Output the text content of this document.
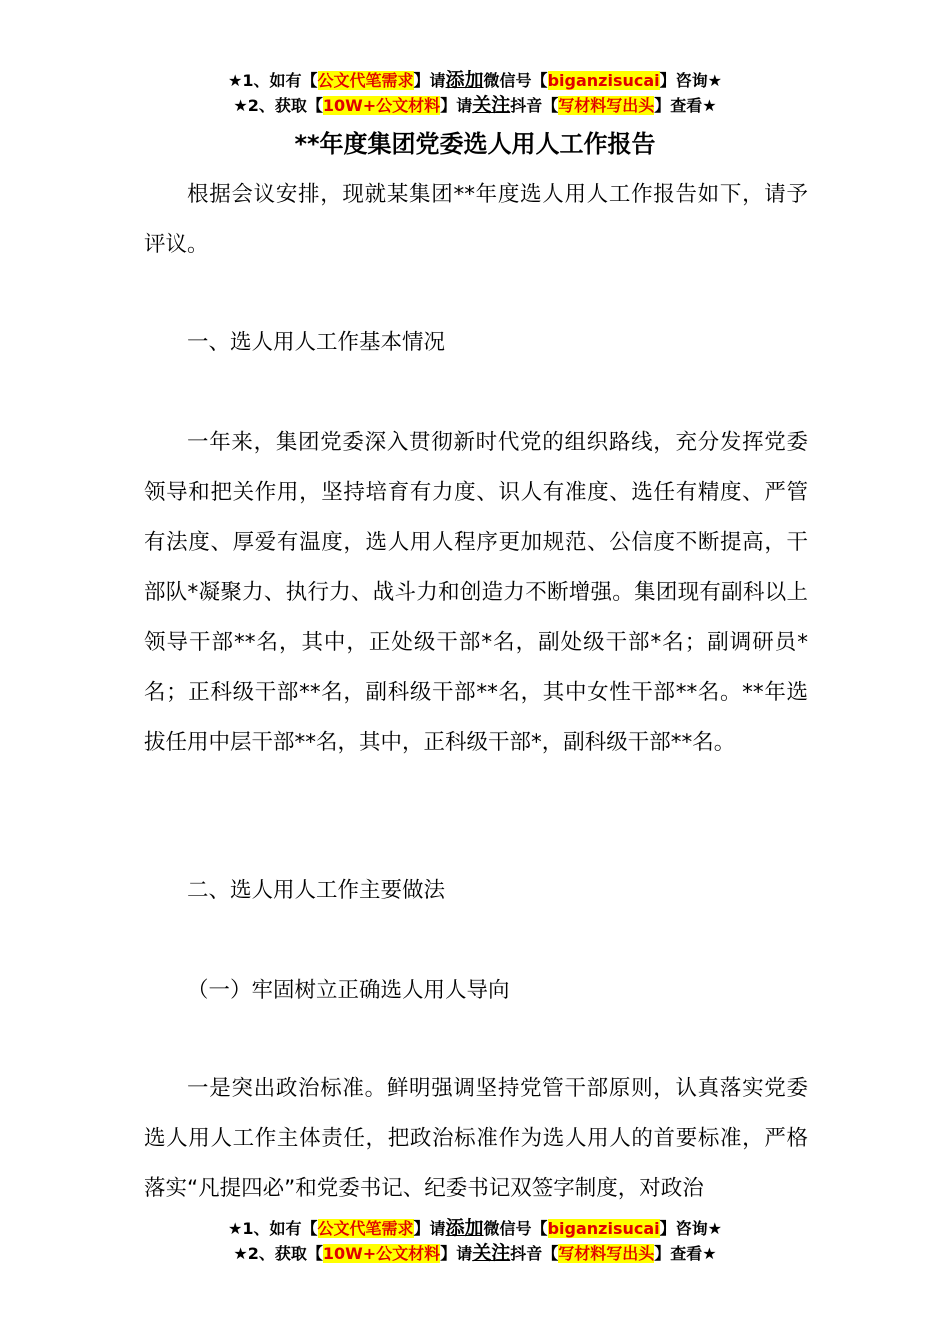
★1、如有【公文代笔需求】请添加微信号【biganzisucai】咨询★
★2、获取【10W+公文材料】请关注抖音【写材料写出头】查看★
**年度集团党委选人用人工作报告

根据会议安排，现就某集团**年度选人用人工作报告如下，请予评议。

一、选人用人工作基本情况

一年来，集团党委深入贯彻新时代党的组织路线，充分发挥党委领导和把关作用，坚持培育有力度、识人有准度、选任有精度、严管有法度、厚爱有温度，选人用人程序更加规范、公信度不断提高，干部队*凝聚力、执行力、战斗力和创造力不断增强。集团现有副科以上领导干部**名，其中，正处级干部*名，副处级干部*名；副调研员*名；正科级干部**名，副科级干部**名，其中女性干部**名。**年选拔任用中层干部**名，其中，正科级干部*，副科级干部**名。

二、选人用人工作主要做法

（一）牢固树立正确选人用人导向

一是突出政治标准。鲜明强调坚持党管干部原则，认真落实党委选人用人工作主体责任，把政治标准作为选人用人的首要标准，严格落实“凡提四必”和党委书记、纪委书记双签字制度，对政治

★1、如有【公文代笔需求】请添加微信号【biganzisucai】咨询★
★2、获取【10W+公文材料】请关注抖音【写材料写出头】查看★
